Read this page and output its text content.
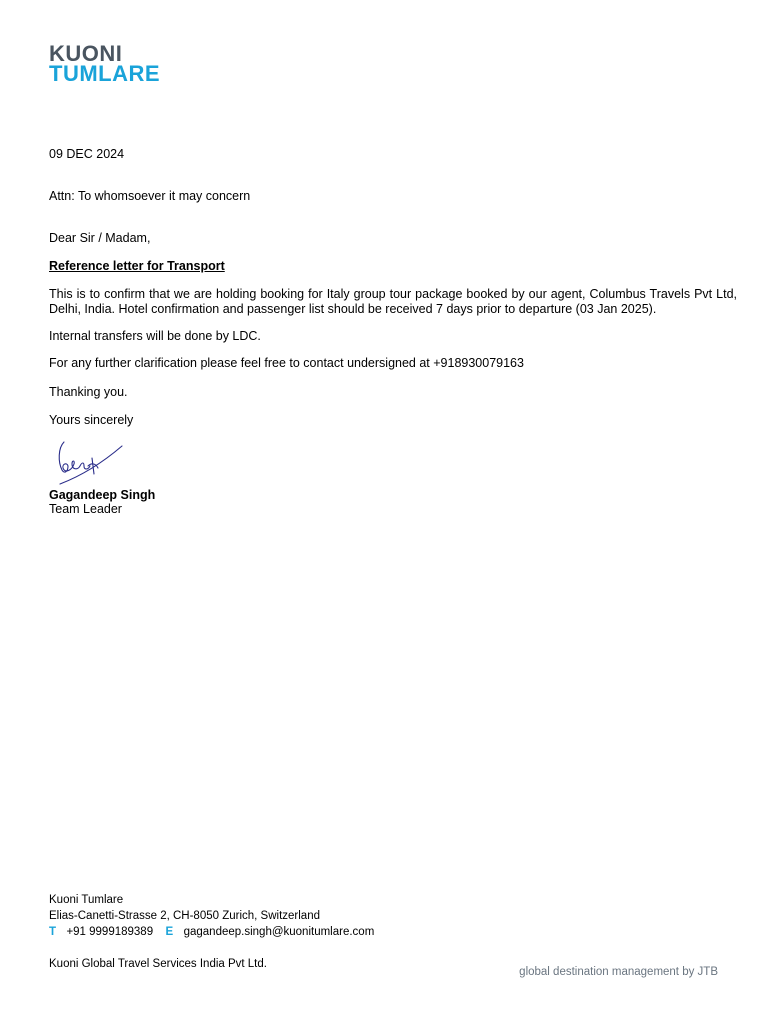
KUONI
TUMLARE
09 DEC 2024
Attn: To whomsoever it may concern
Dear Sir / Madam,
Reference letter for Transport
This is to confirm that we are holding booking for Italy group tour package booked by our agent, Columbus Travels Pvt Ltd, Delhi, India. Hotel confirmation and passenger list should be received 7 days prior to departure (03 Jan 2025).
Internal transfers will be done by LDC.
For any further clarification please feel free to contact undersigned at +918930079163
Thanking you.
Yours sincerely
Gagandeep Singh
Team Leader
Kuoni Tumlare
Elias-Canetti-Strasse 2, CH-8050 Zurich, Switzerland
T +91 9999189389 E gagandeep.singh@kuonitumlare.com
Kuoni Global Travel Services India Pvt Ltd.
global destination management by JTB
